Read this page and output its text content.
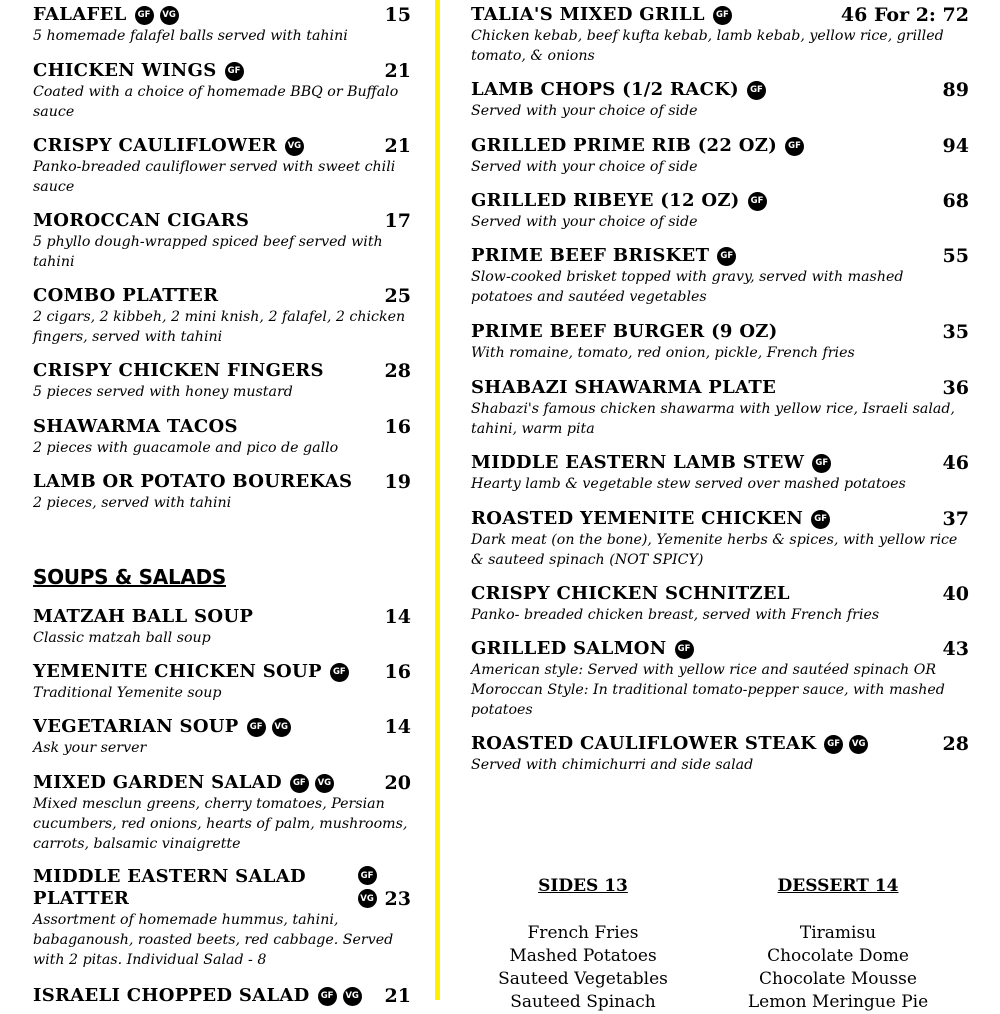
FALAFEL	GF	VG	15
5 homemade falafel balls served with tahini
CHICKEN WINGS	GF	21
Coated with a choice of homemade BBQ or Buffalo sauce
CRISPY CAULIFLOWER	VG	21
Panko-breaded cauliflower served with sweet chili sauce
MOROCCAN CIGARS	17
5 phyllo dough-wrapped spiced beef served with tahini
COMBO PLATTER	25
2 cigars, 2 kibbeh, 2 mini knish, 2 falafel, 2 chicken fingers, served with tahini
CRISPY CHICKEN FINGERS	28
5 pieces served with honey mustard
SHAWARMA TACOS	16
2 pieces with guacamole and pico de gallo
LAMB OR POTATO BOUREKAS 19
2 pieces, served with tahini
SOUPS & SALADS
MATZAH BALL SOUP	14
Classic matzah ball soup
YEMENITE CHICKEN SOUP	GF 16
Traditional Yemenite soup
VEGETARIAN SOUP	GF	VG	14
Ask your server
MIXED GARDEN SALAD	GF	VG	20
Mixed mesclun greens, cherry tomatoes, Persian cucumbers, red onions, hearts of palm, mushrooms, carrots, balsamic vinaigrette
MIDDLE EASTERN SALAD
PLATTER
GF
VG 23
Assortment of homemade hummus, tahini, babaganoush, roasted beets, red cabbage. Served with 2 pitas. Individual Salad - 8
ISRAELI CHOPPED SALAD	GF	VG 21
TALIA'S MIXED GRILL	GF	46 For 2: 72
Chicken kebab, beef kufta kebab, lamb kebab, yellow rice, grilled tomato, & onions
LAMB CHOPS (1/2 RACK)	GF	89
Served with your choice of side
GRILLED PRIME RIB (22 OZ)	GF	94
Served with your choice of side
GRILLED RIBEYE (12 OZ)	GF	68
Served with your choice of side
PRIME BEEF BRISKET	GF	55
Slow-cooked brisket topped with gravy, served with mashed potatoes and sautéed vegetables
PRIME BEEF BURGER (9 OZ)	35
With romaine, tomato, red onion, pickle, French fries
SHABAZI SHAWARMA PLATE	36
Shabazi's famous chicken shawarma with yellow rice, Israeli salad, tahini, warm pita
MIDDLE EASTERN LAMB STEW	GF	46
Hearty lamb & vegetable stew served over mashed potatoes
ROASTED YEMENITE CHICKEN	GF	37
Dark meat (on the bone), Yemenite herbs & spices, with yellow rice & sauteed spinach (NOT SPICY)
CRISPY CHICKEN SCHNITZEL	40
Panko- breaded chicken breast, served with French fries
GRILLED SALMON	GF	43
American style: Served with yellow rice and sautéed spinach OR Moroccan Style: In traditional tomato-pepper sauce, with mashed potatoes
ROASTED CAULIFLOWER STEAK	GF	VG	28
Served with chimichurri and side salad
SIDES 13
French Fries
Mashed Potatoes
Sauteed Vegetables
Sauteed Spinach
DESSERT 14
Tiramisu
Chocolate Dome
Chocolate Mousse
Lemon Meringue Pie
